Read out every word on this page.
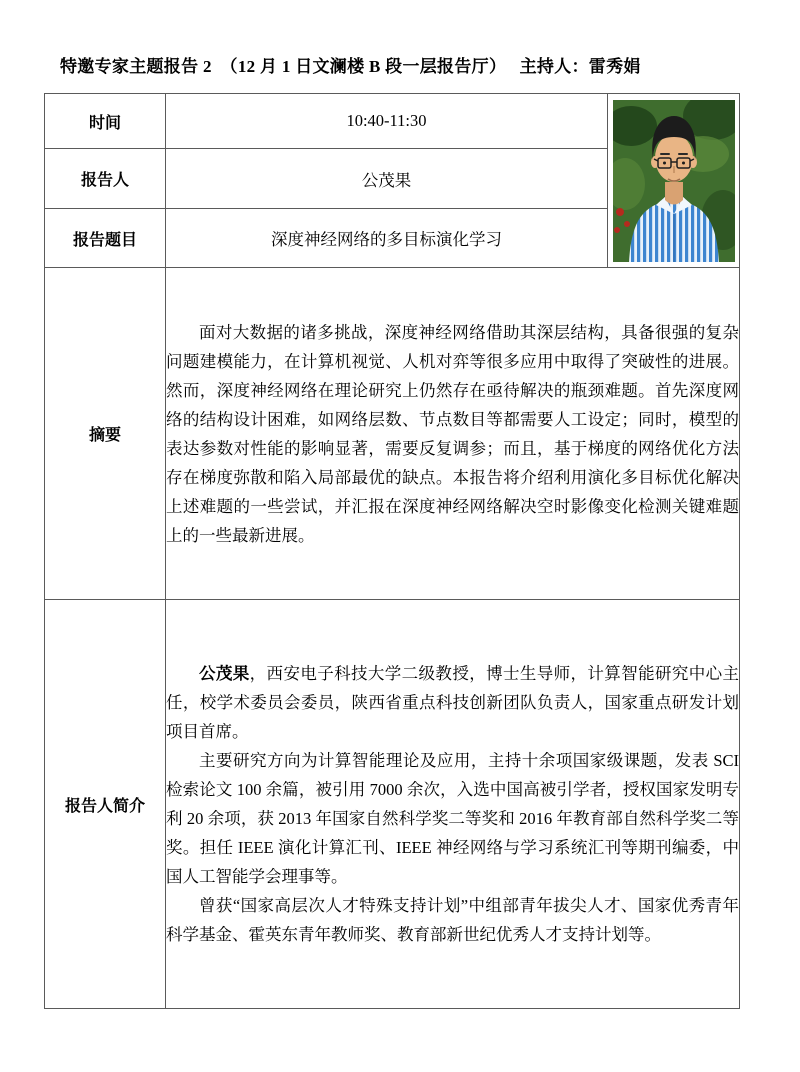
特邀专家主题报告 2　（12 月 1 日文澜楼 B 段一层报告厅）　 主持人：雷秀娟
时间	10:40-11:30	

报告人	公茂果	
报告题目	深度神经网络的多目标演化学习	
摘要	面对大数据的诸多挑战，深度神经网络借助其深层结构，具备很强的复杂问题建模能力，在计算机视觉、人机对弈等很多应用中取得了突破性的进展。然而，深度神经网络在理论研究上仍然存在亟待解决的瓶颈难题。首先深度网络的结构设计困难，如网络层数、节点数目等都需要人工设定；同时，模型的表达参数对性能的影响显著，需要反复调参；而且，基于梯度的网络优化方法存在梯度弥散和陷入局部最优的缺点。本报告将介绍利用演化多目标优化解决上述难题的一些尝试，并汇报在深度神经网络解决空时影像变化检测关键难题上的一些最新进展。	

报告人简介	公茂果，西安电子科技大学二级教授，博士生导师，计算智能研究中心主任，校学术委员会委员，陕西省重点科技创新团队负责人，国家重点研发计划项目首席。

主要研究方向为计算智能理论及应用，主持十余项国家级课题，发表 SCI 检索论文 100 余篇，被引用 7000 余次，入选中国高被引学者，授权国家发明专利 20 余项，获 2013 年国家自然科学奖二等奖和 2016 年教育部自然科学奖二等奖。担任 IEEE 演化计算汇刊、IEEE 神经网络与学习系统汇刊等期刊编委，中国人工智能学会理事等。

曾获“国家高层次人才特殊支持计划”中组部青年拔尖人才、国家优秀青年科学基金、霍英东青年教师奖、教育部新世纪优秀人才支持计划等。	
